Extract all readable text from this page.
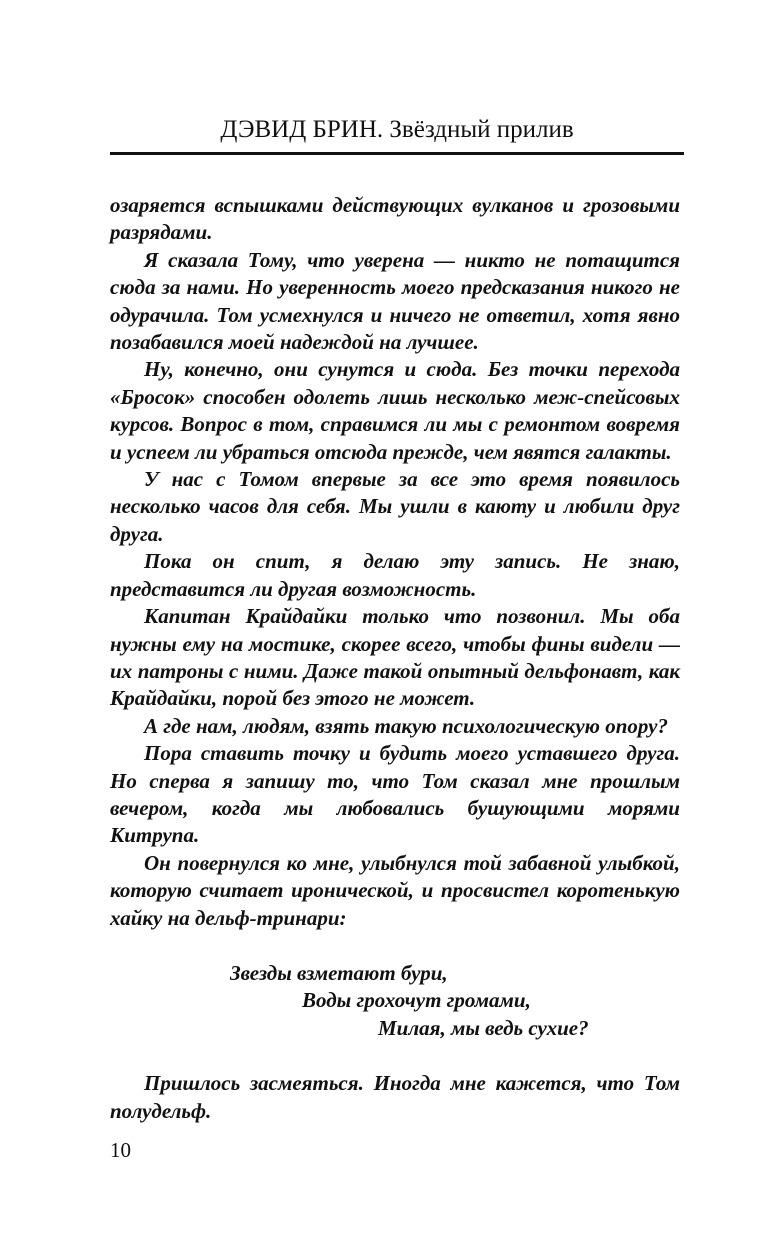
ДЭВИД БРИН. Звёздный прилив

озаряется вспышками действующих вулканов и грозовыми разрядами.

Я сказала Тому, что уверена — никто не потащится сюда за нами. Но уверенность моего предсказания никого не одурачила. Том усмехнулся и ничего не ответил, хотя явно позабавился моей надеждой на лучшее.

Ну, конечно, они сунутся и сюда. Без точки перехода «Бросок» способен одолеть лишь несколько меж-спейсовых курсов. Вопрос в том, справимся ли мы с ремонтом вовремя и успеем ли убраться отсюда прежде, чем явятся галакты.

У нас с Томом впервые за все это время появилось несколько часов для себя. Мы ушли в каюту и любили друг друга.

Пока он спит, я делаю эту запись. Не знаю, представится ли другая возможность.

Капитан Крайдайки только что позвонил. Мы оба нужны ему на мостике, скорее всего, чтобы фины видели — их патроны с ними. Даже такой опытный дельфонавт, как Крайдайки, порой без этого не может.

А где нам, людям, взять такую психологическую опору?

Пора ставить точку и будить моего уставшего друга. Но сперва я запишу то, что Том сказал мне прошлым вечером, когда мы любовались бушующими морями Китрупа.

Он повернулся ко мне, улыбнулся той забавной улыбкой, которую считает иронической, и просвистел коротенькую хайку на дельф-тринари:

Звезды взметают бури,
Воды грохочут громами,
Милая, мы ведь сухие?

Пришлось засмеяться. Иногда мне кажется, что Том полудельф.

10
